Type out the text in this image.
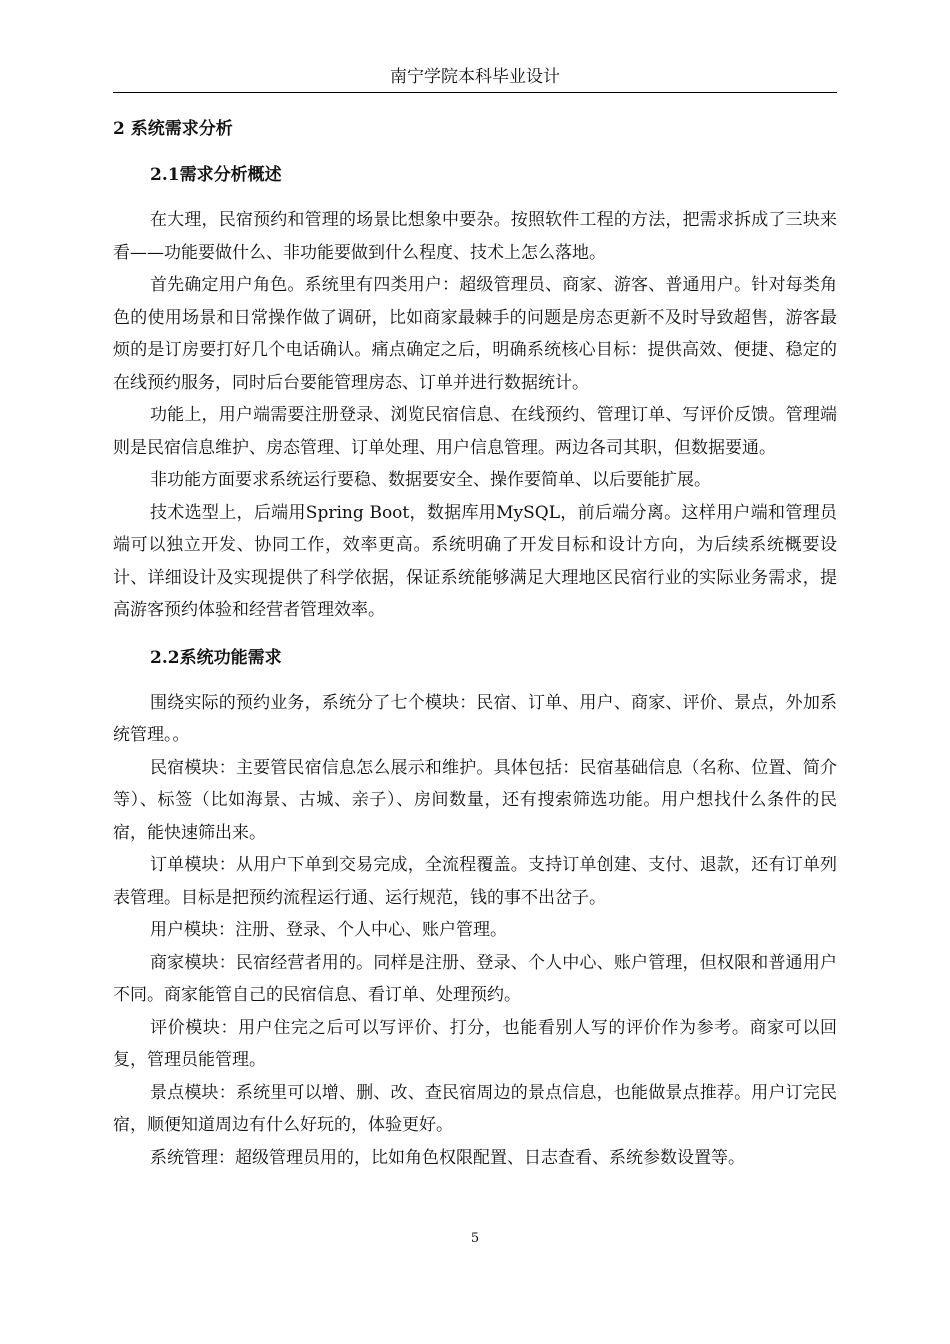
南宁学院本科毕业设计
2 系统需求分析
2.1需求分析概述

在大理，民宿预约和管理的场景比想象中要杂。按照软件工程的方法，把需求拆成了三块来看——功能要做什么、非功能要做到什么程度、技术上怎么落地。

首先确定用户角色。系统里有四类用户：超级管理员、商家、游客、普通用户。针对每类角色的使用场景和日常操作做了调研，比如商家最棘手的问题是房态更新不及时导致超售，游客最烦的是订房要打好几个电话确认。痛点确定之后，明确系统核心目标：提供高效、便捷、稳定的在线预约服务，同时后台要能管理房态、订单并进行数据统计。

功能上，用户端需要注册登录、浏览民宿信息、在线预约、管理订单、写评价反馈。管理端则是民宿信息维护、房态管理、订单处理、用户信息管理。两边各司其职，但数据要通。

非功能方面要求系统运行要稳、数据要安全、操作要简单、以后要能扩展。

技术选型上，后端用Spring Boot，数据库用MySQL，前后端分离。这样用户端和管理员端可以独立开发、协同工作，效率更高。系统明确了开发目标和设计方向，为后续系统概要设计、详细设计及实现提供了科学依据，保证系统能够满足大理地区民宿行业的实际业务需求，提高游客预约体验和经营者管理效率。

2.2系统功能需求

围绕实际的预约业务，系统分了七个模块：民宿、订单、用户、商家、评价、景点，外加系统管理。。

民宿模块：主要管民宿信息怎么展示和维护。具体包括：民宿基础信息（名称、位置、简介等）、标签（比如海景、古城、亲子）、房间数量，还有搜索筛选功能。用户想找什么条件的民宿，能快速筛出来。

订单模块：从用户下单到交易完成，全流程覆盖。支持订单创建、支付、退款，还有订单列表管理。目标是把预约流程运行通、运行规范，钱的事不出岔子。

用户模块：注册、登录、个人中心、账户管理。

商家模块：民宿经营者用的。同样是注册、登录、个人中心、账户管理，但权限和普通用户不同。商家能管自己的民宿信息、看订单、处理预约。

评价模块：用户住完之后可以写评价、打分，也能看别人写的评价作为参考。商家可以回复，管理员能管理。

景点模块：系统里可以增、删、改、查民宿周边的景点信息，也能做景点推荐。用户订完民宿，顺便知道周边有什么好玩的，体验更好。

系统管理：超级管理员用的，比如角色权限配置、日志查看、系统参数设置等。

5
